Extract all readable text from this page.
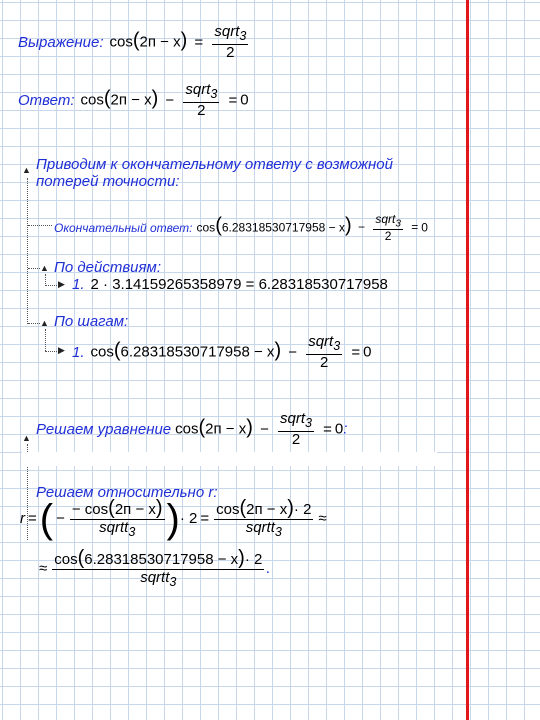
Выражение: $\cos(2п - x) = \frac{sqrt_3}{2}$
Ответ: $\cos(2п - x) - \frac{sqrt_3}{2} = 0$
▲ Приводим к окончательному ответу с возможной
потерей точности:
Окончательный ответ: $\cos(6.28318530717958 - x) - \frac{sqrt_3}{2} = 0$
▲ По действиям:
▶ 1. 2 · 3.14159265358979 = 6.28318530717958
▲ По шагам:
▶ 1. $\cos(6.28318530717958 - x) - \frac{sqrt_3}{2} = 0$
▲ Решаем уравнение $\cos(2п - x) - \frac{sqrt_3}{2} = 0$:
Решаем относительно r:
r = ( − $\frac{- \cos(2п - x)}{sqrtt_3}$ ) · $2 = \frac{\cos(2п - x)\cdot 2}{sqrtt_3}$ ≈
≈ $\frac{\cos(6.28318530717958 - x)\cdot 2}{sqrtt_3}$ .
